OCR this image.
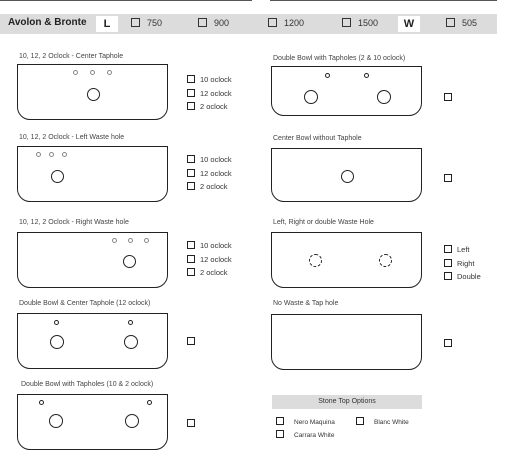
Avolon & Bronte	L	750	900	1200	1500	W	505
10, 12, 2 Oclock - Center Taphole
10 oclock
12 oclock
2 oclock
10, 12, 2 Oclock - Left Waste hole
10 oclock
12 oclock
2 oclock
10, 12, 2 Oclock - Right Waste hole
10 oclock
12 oclock
2 oclock
Double Bowl & Center Taphole (12 oclock)
Double Bowl with Tapholes (10 & 2 oclock)
Double Bowl with Tapholes (2 & 10 oclock)
Center Bowl without Taphole
Left, Right or double Waste Hole
Left
Right
Double
No Waste & Tap hole
Stone Top Options
Nero Maquina	Blanc White
Carrara White
